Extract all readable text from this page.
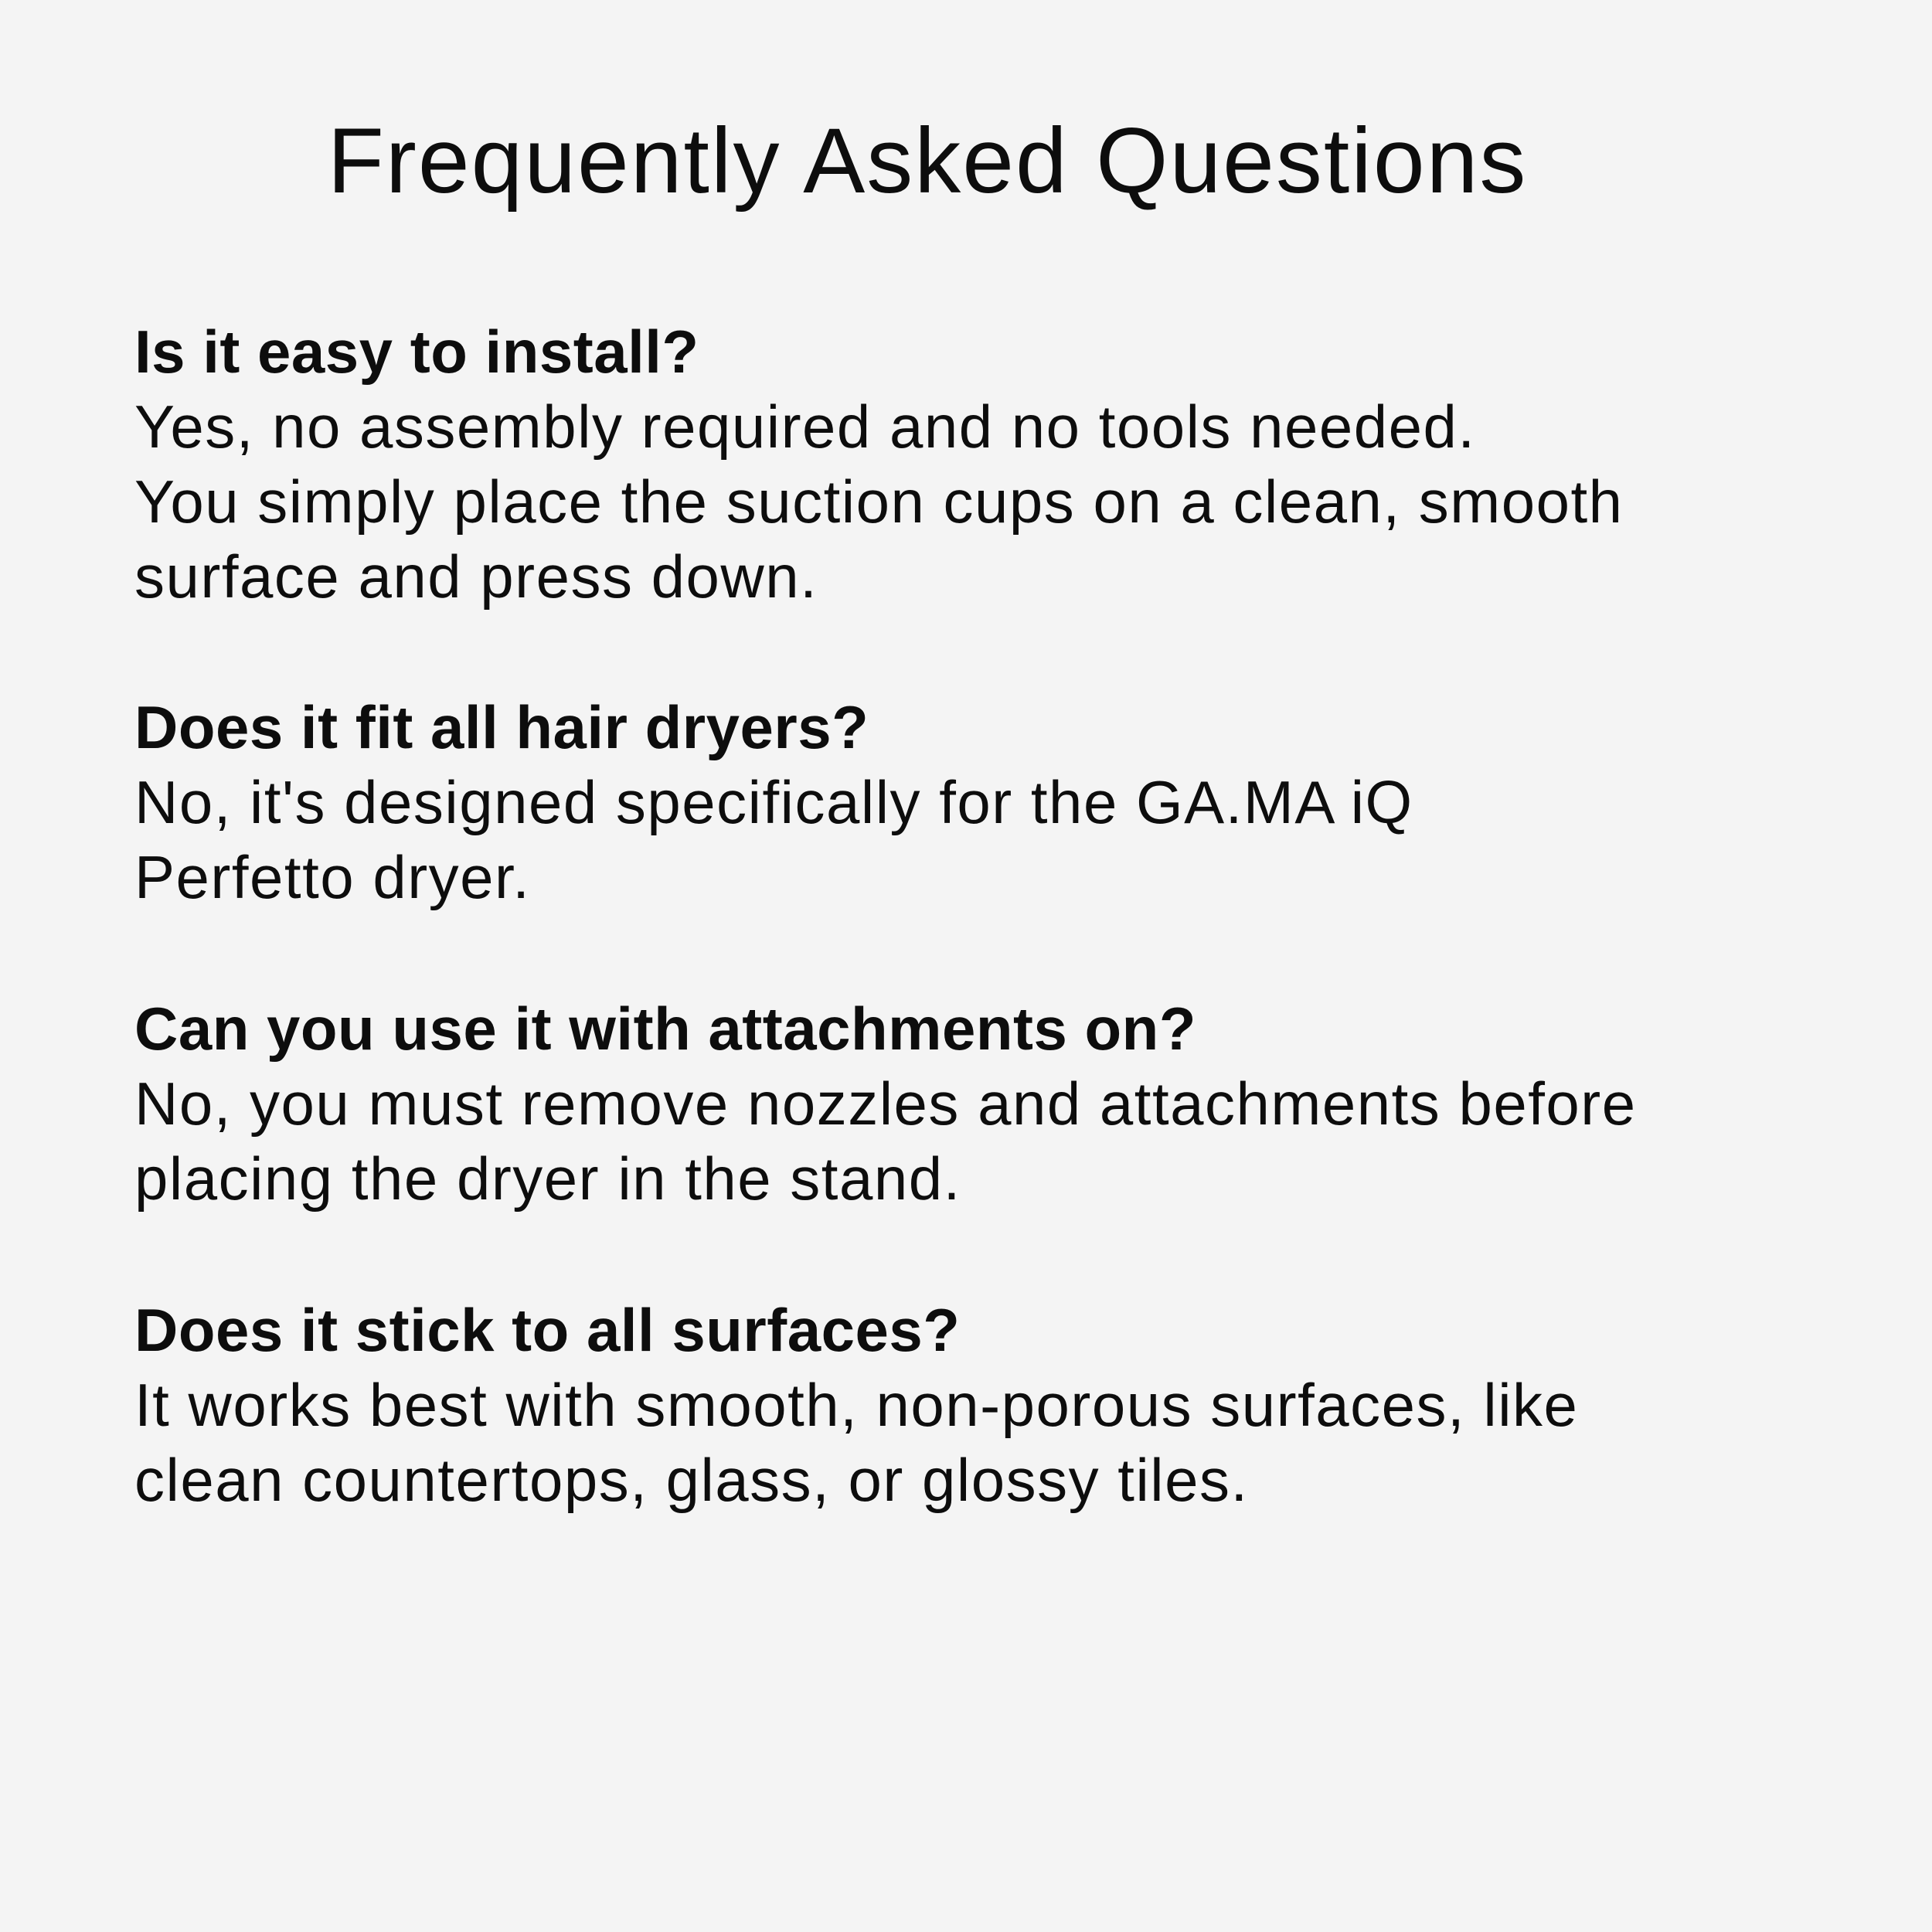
Frequently Asked Questions
Is it easy to install?

Yes, no assembly required and no tools needed.

You simply place the suction cups on a clean, smooth

surface and press down.

Does it fit all hair dryers?

No, it's designed specifically for the GA.MA iQ

Perfetto dryer.

Can you use it with attachments on?

No, you must remove nozzles and attachments before

placing the dryer in the stand.

Does it stick to all surfaces?

It works best with smooth, non-porous surfaces, like

clean countertops, glass, or glossy tiles.
